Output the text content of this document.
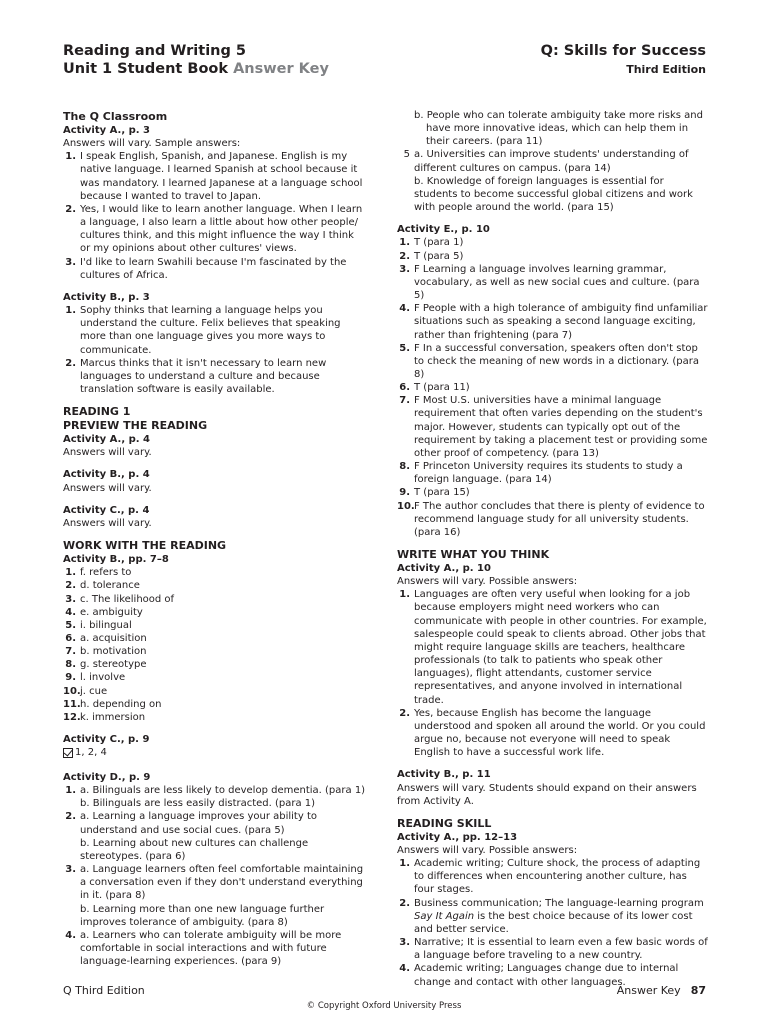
Reading and Writing 5
Unit 1 Student Book Answer Key
Q: Skills for Success
Third Edition
The Q Classroom
Activity A., p. 3
Answers will vary. Sample answers:
1. I speak English, Spanish, and Japanese. English is my native language. I learned Spanish at school because it was mandatory. I learned Japanese at a language school because I wanted to travel to Japan.
2. Yes, I would like to learn another language. When I learn a language, I also learn a little about how other people/ cultures think, and this might influence the way I think or my opinions about other cultures' views.
3. I'd like to learn Swahili because I'm fascinated by the cultures of Africa.
Activity B., p. 3
1. Sophy thinks that learning a language helps you understand the culture. Felix believes that speaking more than one language gives you more ways to communicate.
2. Marcus thinks that it isn't necessary to learn new languages to understand a culture and because translation software is easily available.
READING 1
PREVIEW THE READING
Activity A., p. 4
Answers will vary.
Activity B., p. 4
Answers will vary.
Activity C., p. 4
Answers will vary.
WORK WITH THE READING
Activity B., pp. 7–8
1. f. refers to
2. d. tolerance
3. c. The likelihood of
4. e. ambiguity
5. i. bilingual
6. a. acquisition
7. b. motivation
8. g. stereotype
9. l. involve
10. j. cue
11. h. depending on
12. k. immersion
Activity C., p. 9
1, 2, 4
Activity D., p. 9
1. a. Bilinguals are less likely to develop dementia. (para 1)
b. Bilinguals are less easily distracted. (para 1)
2. a. Learning a language improves your ability to understand and use social cues. (para 5)
b. Learning about new cultures can challenge stereotypes. (para 6)
3. a. Language learners often feel comfortable maintaining a conversation even if they don't understand everything in it. (para 8)
b. Learning more than one new language further improves tolerance of ambiguity. (para 8)
4. a. Learners who can tolerate ambiguity will be more comfortable in social interactions and with future language-learning experiences. (para 9)
b. People who can tolerate ambiguity take more risks and have more innovative ideas, which can help them in their careers. (para 11)
5 a. Universities can improve students' understanding of different cultures on campus. (para 14)
b. Knowledge of foreign languages is essential for students to become successful global citizens and work with people around the world. (para 15)
Activity E., p. 10
1. T (para 1)
2. T (para 5)
3. F Learning a language involves learning grammar, vocabulary, as well as new social cues and culture. (para 5)
4. F People with a high tolerance of ambiguity find unfamiliar situations such as speaking a second language exciting, rather than frightening (para 7)
5. F In a successful conversation, speakers often don't stop to check the meaning of new words in a dictionary. (para 8)
6. T (para 11)
7. F Most U.S. universities have a minimal language requirement that often varies depending on the student's major. However, students can typically opt out of the requirement by taking a placement test or providing some other proof of competency. (para 13)
8. F Princeton University requires its students to study a foreign language. (para 14)
9. T (para 15)
10. F The author concludes that there is plenty of evidence to recommend language study for all university students. (para 16)
WRITE WHAT YOU THINK
Activity A., p. 10
Answers will vary. Possible answers:
1. Languages are often very useful when looking for a job because employers might need workers who can communicate with people in other countries. For example, salespeople could speak to clients abroad. Other jobs that might require language skills are teachers, healthcare professionals (to talk to patients who speak other languages), flight attendants, customer service representatives, and anyone involved in international trade.
2. Yes, because English has become the language understood and spoken all around the world. Or you could argue no, because not everyone will need to speak English to have a successful work life.
Activity B., p. 11
Answers will vary. Students should expand on their answers from Activity A.
READING SKILL
Activity A., pp. 12–13
Answers will vary. Possible answers:
1. Academic writing; Culture shock, the process of adapting to differences when encountering another culture, has four stages.
2. Business communication; The language-learning program Say It Again is the best choice because of its lower cost and better service.
3. Narrative; It is essential to learn even a few basic words of a language before traveling to a new country.
4. Academic writing; Languages change due to internal change and contact with other languages.
Q Third Edition	Answer Key 87
© Copyright Oxford University Press
